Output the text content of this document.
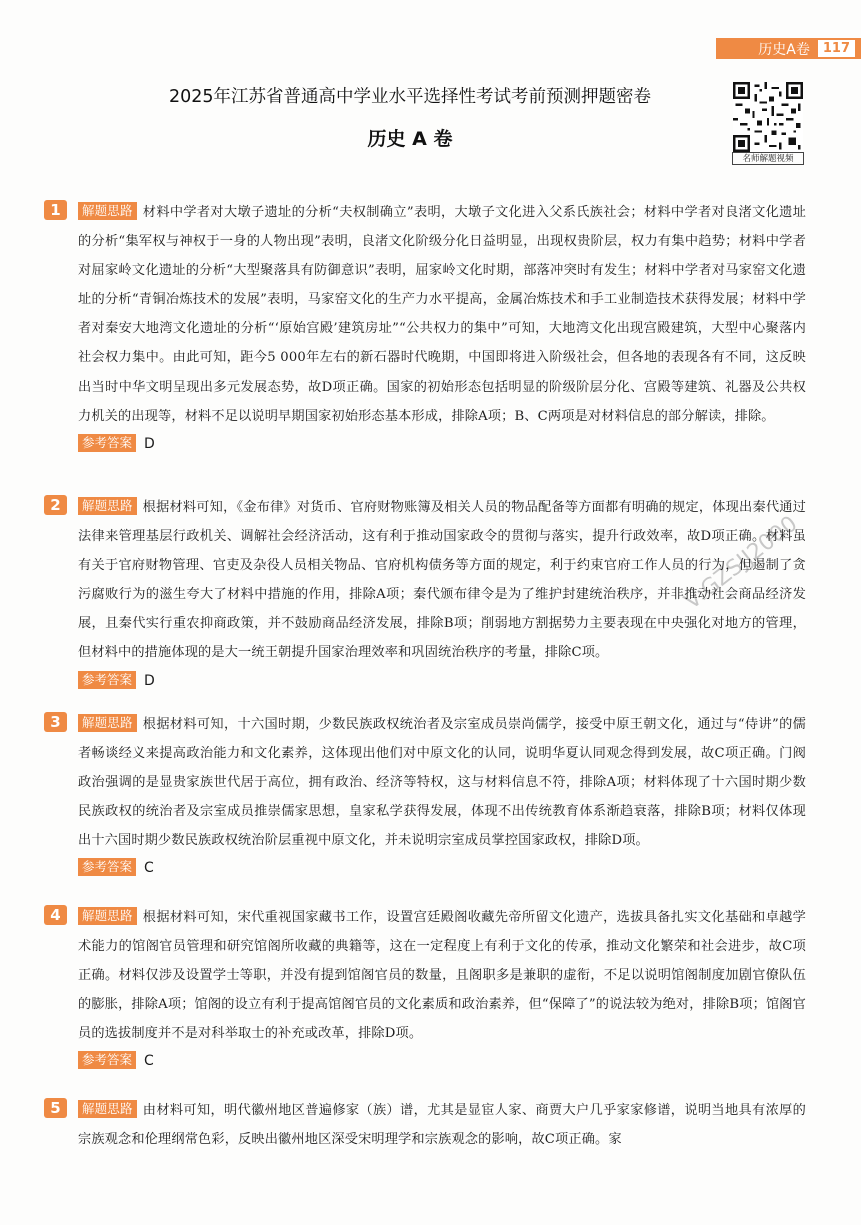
历史A卷	117
2025年江苏省普通高中学业水平选择性考试考前预测押题密卷
历史 A 卷
名师解题视频
V:GZSJJ2000
1	解题思路 材料中学者对大墩子遗址的分析“夫权制确立”表明，大墩子文化进入父系氏族社会；材料中学者对良渚文化遗址的分析“集军权与神权于一身的人物出现”表明，良渚文化阶级分化日益明显，出现权贵阶层，权力有集中趋势；材料中学者对屈家岭文化遗址的分析“大型聚落具有防御意识”表明，屈家岭文化时期，部落冲突时有发生；材料中学者对马家窑文化遗址的分析“青铜冶炼技术的发展”表明，马家窑文化的生产力水平提高，金属冶炼技术和手工业制造技术获得发展；材料中学者对秦安大地湾文化遗址的分析“‘原始宫殿’建筑房址”“公共权力的集中”可知，大地湾文化出现宫殿建筑，大型中心聚落内社会权力集中。由此可知，距今5 000年左右的新石器时代晚期，中国即将进入阶级社会，但各地的表现各有不同，这反映出当时中华文明呈现出多元发展态势，故D项正确。国家的初始形态包括明显的阶级阶层分化、宫殿等建筑、礼器及公共权力机关的出现等，材料不足以说明早期国家初始形态基本形成，排除A项；B、C两项是对材料信息的部分解读，排除。
参考答案 D
2	解题思路 根据材料可知，《金布律》对货币、官府财物账簿及相关人员的物品配备等方面都有明确的规定，体现出秦代通过法律来管理基层行政机关、调解社会经济活动，这有利于推动国家政令的贯彻与落实，提升行政效率，故D项正确。材料虽有关于官府财物管理、官吏及杂役人员相关物品、官府机构债务等方面的规定，利于约束官府工作人员的行为，但遏制了贪污腐败行为的滋生夸大了材料中措施的作用，排除A项；秦代颁布律令是为了维护封建统治秩序，并非推动社会商品经济发展，且秦代实行重农抑商政策，并不鼓励商品经济发展，排除B项；削弱地方割据势力主要表现在中央强化对地方的管理，但材料中的措施体现的是大一统王朝提升国家治理效率和巩固统治秩序的考量，排除C项。
参考答案 D
3	解题思路 根据材料可知，十六国时期，少数民族政权统治者及宗室成员崇尚儒学，接受中原王朝文化，通过与“侍讲”的儒者畅谈经义来提高政治能力和文化素养，这体现出他们对中原文化的认同，说明华夏认同观念得到发展，故C项正确。门阀政治强调的是显贵家族世代居于高位，拥有政治、经济等特权，这与材料信息不符，排除A项；材料体现了十六国时期少数民族政权的统治者及宗室成员推崇儒家思想，皇家私学获得发展，体现不出传统教育体系渐趋衰落，排除B项；材料仅体现出十六国时期少数民族政权统治阶层重视中原文化，并未说明宗室成员掌控国家政权，排除D项。
参考答案 C
4	解题思路 根据材料可知，宋代重视国家藏书工作，设置宫廷殿阁收藏先帝所留文化遗产，选拔具备扎实文化基础和卓越学术能力的馆阁官员管理和研究馆阁所收藏的典籍等，这在一定程度上有利于文化的传承，推动文化繁荣和社会进步，故C项正确。材料仅涉及设置学士等职，并没有提到馆阁官员的数量，且阁职多是兼职的虚衔，不足以说明馆阁制度加剧官僚队伍的膨胀，排除A项；馆阁的设立有利于提高馆阁官员的文化素质和政治素养，但“保障了”的说法较为绝对，排除B项；馆阁官员的选拔制度并不是对科举取士的补充或改革，排除D项。
参考答案 C
5	解题思路 由材料可知，明代徽州地区普遍修家（族）谱，尤其是显宦人家、商贾大户几乎家家修谱，说明当地具有浓厚的宗族观念和伦理纲常色彩，反映出徽州地区深受宋明理学和宗族观念的影响，故C项正确。家
